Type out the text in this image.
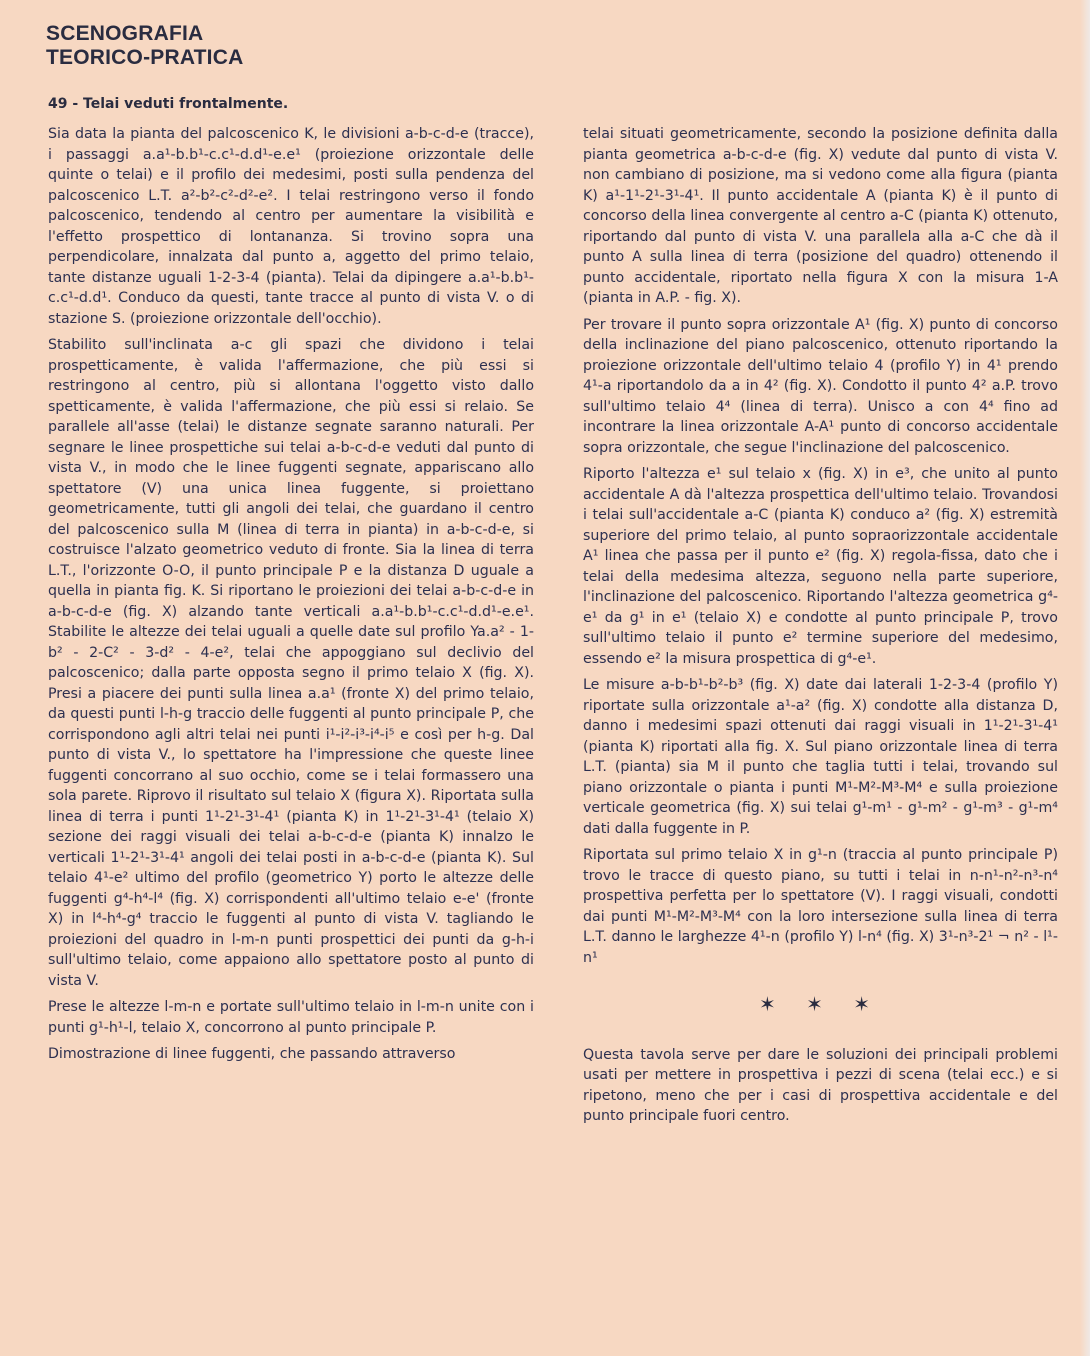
SCENOGRAFIA
TEORICO-PRATICA
49 - Telai veduti frontalmente.

Sia data la pianta del palcoscenico K, le divisioni a-b-c-d-e (tracce), i passaggi a.a¹-b.b¹-c.c¹-d.d¹-e.e¹ (proiezione orizzontale delle quinte o telai) e il profilo dei medesimi, posti sulla pendenza del palcoscenico L.T. a²-b²-c²-d²-e². I telai restringono verso il fondo palcoscenico, tendendo al centro per aumentare la visibilità e l'effetto prospettico di lontananza. Si trovino sopra una perpendicolare, innalzata dal punto a, aggetto del primo telaio, tante distanze uguali 1-2-3-4 (pianta). Telai da dipingere a.a¹-b.b¹-c.c¹-d.d¹. Conduco da questi, tante tracce al punto di vista V. o di stazione S. (proiezione orizzontale dell'occhio).

Stabilito sull'inclinata a-c gli spazi che dividono i telai prospetticamente, è valida l'affermazione, che più essi si restringono al centro, più si allontana l'oggetto visto dallo spetticamente, è valida l'affermazione, che più essi si relaio. Se parallele all'asse (telai) le distanze segnate saranno naturali. Per segnare le linee prospettiche sui telai a-b-c-d-e veduti dal punto di vista V., in modo che le linee fuggenti segnate, appariscano allo spettatore (V) una unica linea fuggente, si proiettano geometricamente, tutti gli angoli dei telai, che guardano il centro del palcoscenico sulla M (linea di terra in pianta) in a-b-c-d-e, si costruisce l'alzato geometrico veduto di fronte. Sia la linea di terra L.T., l'orizzonte O-O, il punto principale P e la distanza D uguale a quella in pianta fig. K. Si riportano le proiezioni dei telai a-b-c-d-e in a-b-c-d-e (fig. X) alzando tante verticali a.a¹-b.b¹-c.c¹-d.d¹-e.e¹. Stabilite le altezze dei telai uguali a quelle date sul profilo Ya.a² - 1-b² - 2-C² - 3-d² - 4-e², telai che appoggiano sul declivio del palcoscenico; dalla parte opposta segno il primo telaio X (fig. X). Presi a piacere dei punti sulla linea a.a¹ (fronte X) del primo telaio, da questi punti l-h-g traccio delle fuggenti al punto principale P, che corrispondono agli altri telai nei punti i¹-i²-i³-i⁴-i⁵ e così per h-g. Dal punto di vista V., lo spettatore ha l'impressione che queste linee fuggenti concorrano al suo occhio, come se i telai formassero una sola parete. Riprovo il risultato sul telaio X (figura X). Riportata sulla linea di terra i punti 1¹-2¹-3¹-4¹ (pianta K) in 1¹-2¹-3¹-4¹ (telaio X) sezione dei raggi visuali dei telai a-b-c-d-e (pianta K) innalzo le verticali 1¹-2¹-3¹-4¹ angoli dei telai posti in a-b-c-d-e (pianta K). Sul telaio 4¹-e² ultimo del profilo (geometrico Y) porto le altezze delle fuggenti g⁴-h⁴-l⁴ (fig. X) corrispondenti all'ultimo telaio e-e' (fronte X) in l⁴-h⁴-g⁴ traccio le fuggenti al punto di vista V. tagliando le proiezioni del quadro in l-m-n punti prospettici dei punti da g-h-i sull'ultimo telaio, come appaiono allo spettatore posto al punto di vista V.

Prese le altezze l-m-n e portate sull'ultimo telaio in l-m-n unite con i punti g¹-h¹-l, telaio X, concorrono al punto principale P.

Dimostrazione di linee fuggenti, che passando attraverso

telai situati geometricamente, secondo la posizione definita dalla pianta geometrica a-b-c-d-e (fig. X) vedute dal punto di vista V. non cambiano di posizione, ma si vedono come alla figura (pianta K) a¹-1¹-2¹-3¹-4¹. Il punto accidentale A (pianta K) è il punto di concorso della linea convergente al centro a-C (pianta K) ottenuto, riportando dal punto di vista V. una parallela alla a-C che dà il punto A sulla linea di terra (posizione del quadro) ottenendo il punto accidentale, riportato nella figura X con la misura 1-A (pianta in A.P. - fig. X).

Per trovare il punto sopra orizzontale A¹ (fig. X) punto di concorso della inclinazione del piano palcoscenico, ottenuto riportando la proiezione orizzontale dell'ultimo telaio 4 (profilo Y) in 4¹ prendo 4¹-a riportandolo da a in 4² (fig. X). Condotto il punto 4² a.P. trovo sull'ultimo telaio 4⁴ (linea di terra). Unisco a con 4⁴ fino ad incontrare la linea orizzontale A-A¹ punto di concorso accidentale sopra orizzontale, che segue l'inclinazione del palcoscenico.

Riporto l'altezza e¹ sul telaio x (fig. X) in e³, che unito al punto accidentale A dà l'altezza prospettica dell'ultimo telaio. Trovandosi i telai sull'accidentale a-C (pianta K) conduco a² (fig. X) estremità superiore del primo telaio, al punto sopraorizzontale accidentale A¹ linea che passa per il punto e² (fig. X) regola-fissa, dato che i telai della medesima altezza, seguono nella parte superiore, l'inclinazione del palcoscenico. Riportando l'altezza geometrica g⁴-e¹ da g¹ in e¹ (telaio X) e condotte al punto principale P, trovo sull'ultimo telaio il punto e² termine superiore del medesimo, essendo e² la misura prospettica di g⁴-e¹.

Le misure a-b-b¹-b²-b³ (fig. X) date dai laterali 1-2-3-4 (profilo Y) riportate sulla orizzontale a¹-a² (fig. X) condotte alla distanza D, danno i medesimi spazi ottenuti dai raggi visuali in 1¹-2¹-3¹-4¹ (pianta K) riportati alla fig. X. Sul piano orizzontale linea di terra L.T. (pianta) sia M il punto che taglia tutti i telai, trovando sul piano orizzontale o pianta i punti M¹-M²-M³-M⁴ e sulla proiezione verticale geometrica (fig. X) sui telai g¹-m¹ - g¹-m² - g¹-m³ - g¹-m⁴ dati dalla fuggente in P.

Riportata sul primo telaio X in g¹-n (traccia al punto principale P) trovo le tracce di questo piano, su tutti i telai in n-n¹-n²-n³-n⁴ prospettiva perfetta per lo spettatore (V). I raggi visuali, condotti dai punti M¹-M²-M³-M⁴ con la loro intersezione sulla linea di terra L.T. danno le larghezze 4¹-n (profilo Y) l-n⁴ (fig. X) 3¹-n³-2¹ ¬ n² - l¹-n¹

✶ ✶ ✶

Questa tavola serve per dare le soluzioni dei principali problemi usati per mettere in prospettiva i pezzi di scena (telai ecc.) e si ripetono, meno che per i casi di prospettiva accidentale e del punto principale fuori centro.
